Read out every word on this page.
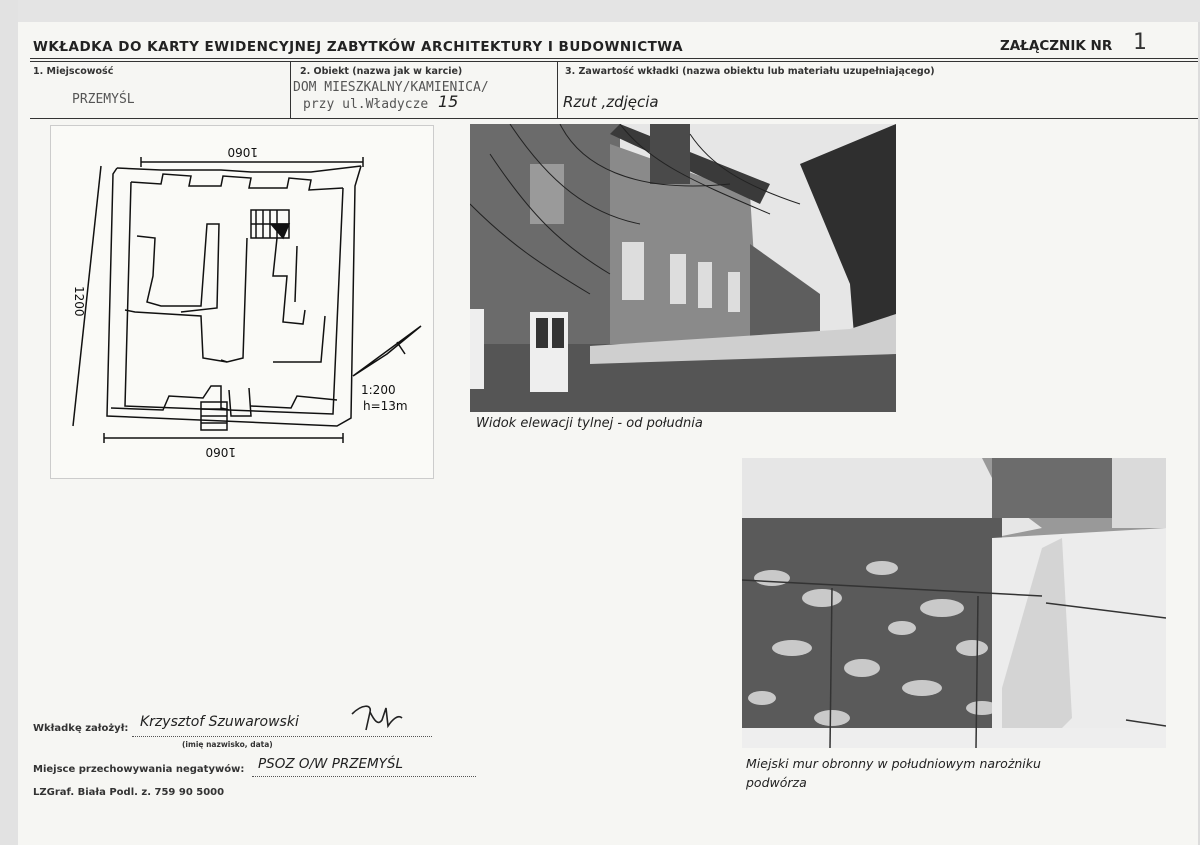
WKŁADKA DO KARTY EWIDENCYJNEJ ZABYTKÓW ARCHITEKTURY I BUDOWNICTWA	ZAŁĄCZNIK NR 1
1. Miejscowość
PRZEMYŚL
2. Obiekt (nazwa jak w karcie)
DOM MIESZKALNY/KAMIENICA/
przy ul.Władycze 15
3. Zawartość wkładki (nazwa obiektu lub materiału uzupełniającego)
Rzut ,zdjęcia
1060
1060
1200
1:200
h=13m
Widok elewacji tylnej - od południa
Miejski mur obronny w południowym narożniku
podwórza
Wkładkę założył: Krzysztof Szuwarowski
(imię nazwisko, data)
Miejsce przechowywania negatywów: PSOZ O/W PRZEMYŚL
LZGraf. Biała Podl. z. 759 90 5000
